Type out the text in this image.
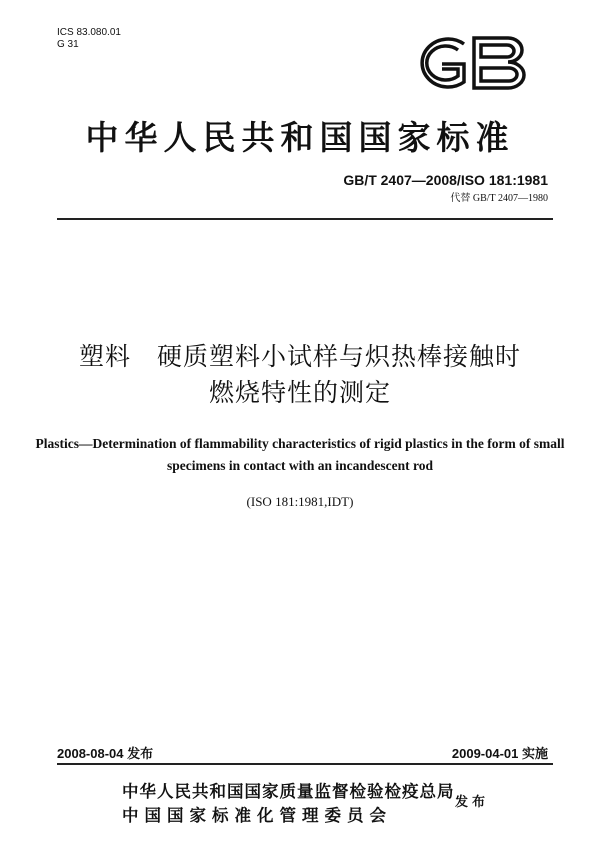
ICS 83.080.01
G 31
中华人民共和国国家标准
GB/T 2407—2008/ISO 181:1981
代替 GB/T 2407—1980
塑料　硬质塑料小试样与炽热棒接触时
燃烧特性的测定
Plastics—Determination of flammability characteristics of rigid plastics in the form of small specimens in contact with an incandescent rod
(ISO 181:1981,IDT)
2008-08-04 发布	2009-04-01 实施
中华人民共和国国家质量监督检验检疫总局
中国国家标准化管理委员会
发布
